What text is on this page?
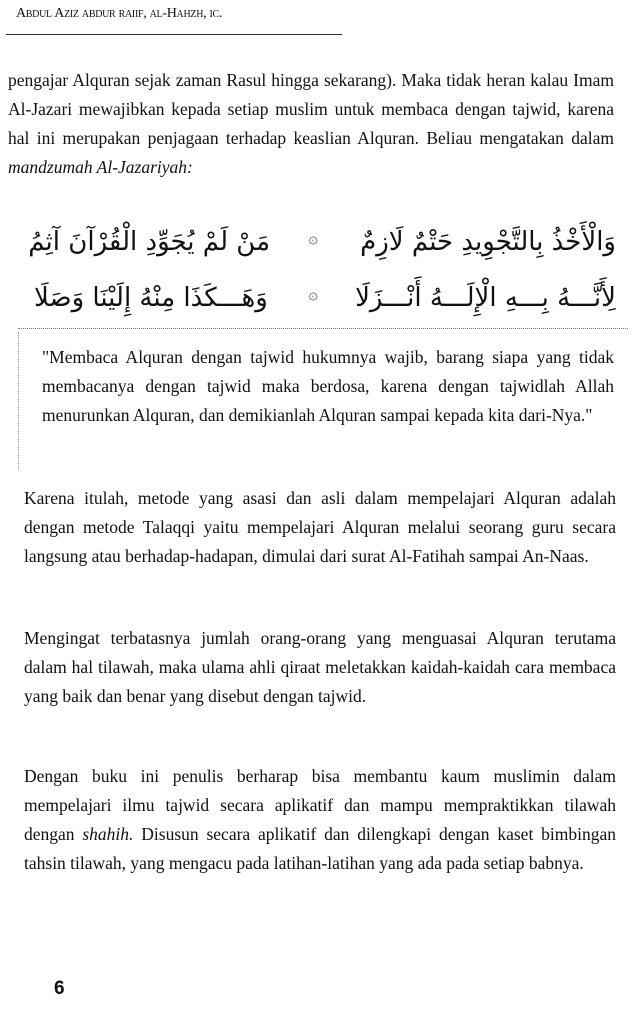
Abdul Aziz abdur raiif, al-Hahzh, ic.

pengajar Alquran sejak zaman Rasul hingga sekarang). Maka tidak heran kalau Imam Al-Jazari mewajibkan kepada setiap muslim untuk membaca dengan tajwid, karena hal ini merupakan penjagaan terhadap keaslian Alquran. Beliau mengatakan dalam mandzumah Al-Jazariyah:

وَالْأَخْذُ بِالتَّجْوِيدِ حَتْمٌ لَازِمٌ
۞
مَنْ لَمْ يُجَوِّدِ الْقُرْآنَ آثِمُ
لِأَنَّـــهُ بِـــهِ الْإِلَـــهُ أَنْـــزَلَا
۞
وَهَـــكَذَا مِنْهُ إِلَيْنَا وَصَلَا

"Membaca Alquran dengan tajwid hukumnya wajib, barang siapa yang tidak membacanya dengan tajwid maka berdosa, karena dengan tajwidlah Allah menurunkan Alquran, dan demikianlah Alquran sampai kepada kita dari-Nya."

Karena itulah, metode yang asasi dan asli dalam mempelajari Alquran adalah dengan metode Talaqqi yaitu mempelajari Alquran melalui seorang guru secara langsung atau berhadap-hadapan, dimulai dari surat Al-Fatihah sampai An-Naas.

Mengingat terbatasnya jumlah orang-orang yang menguasai Alquran terutama dalam hal tilawah, maka ulama ahli qiraat meletakkan kaidah-kaidah cara membaca yang baik dan benar yang disebut dengan tajwid.

Dengan buku ini penulis berharap bisa membantu kaum muslimin dalam mempelajari ilmu tajwid secara aplikatif dan mampu mempraktikkan tilawah dengan shahih. Disusun secara aplikatif dan dilengkapi dengan kaset bimbingan tahsin tilawah, yang mengacu pada latihan-latihan yang ada pada setiap babnya.

6
